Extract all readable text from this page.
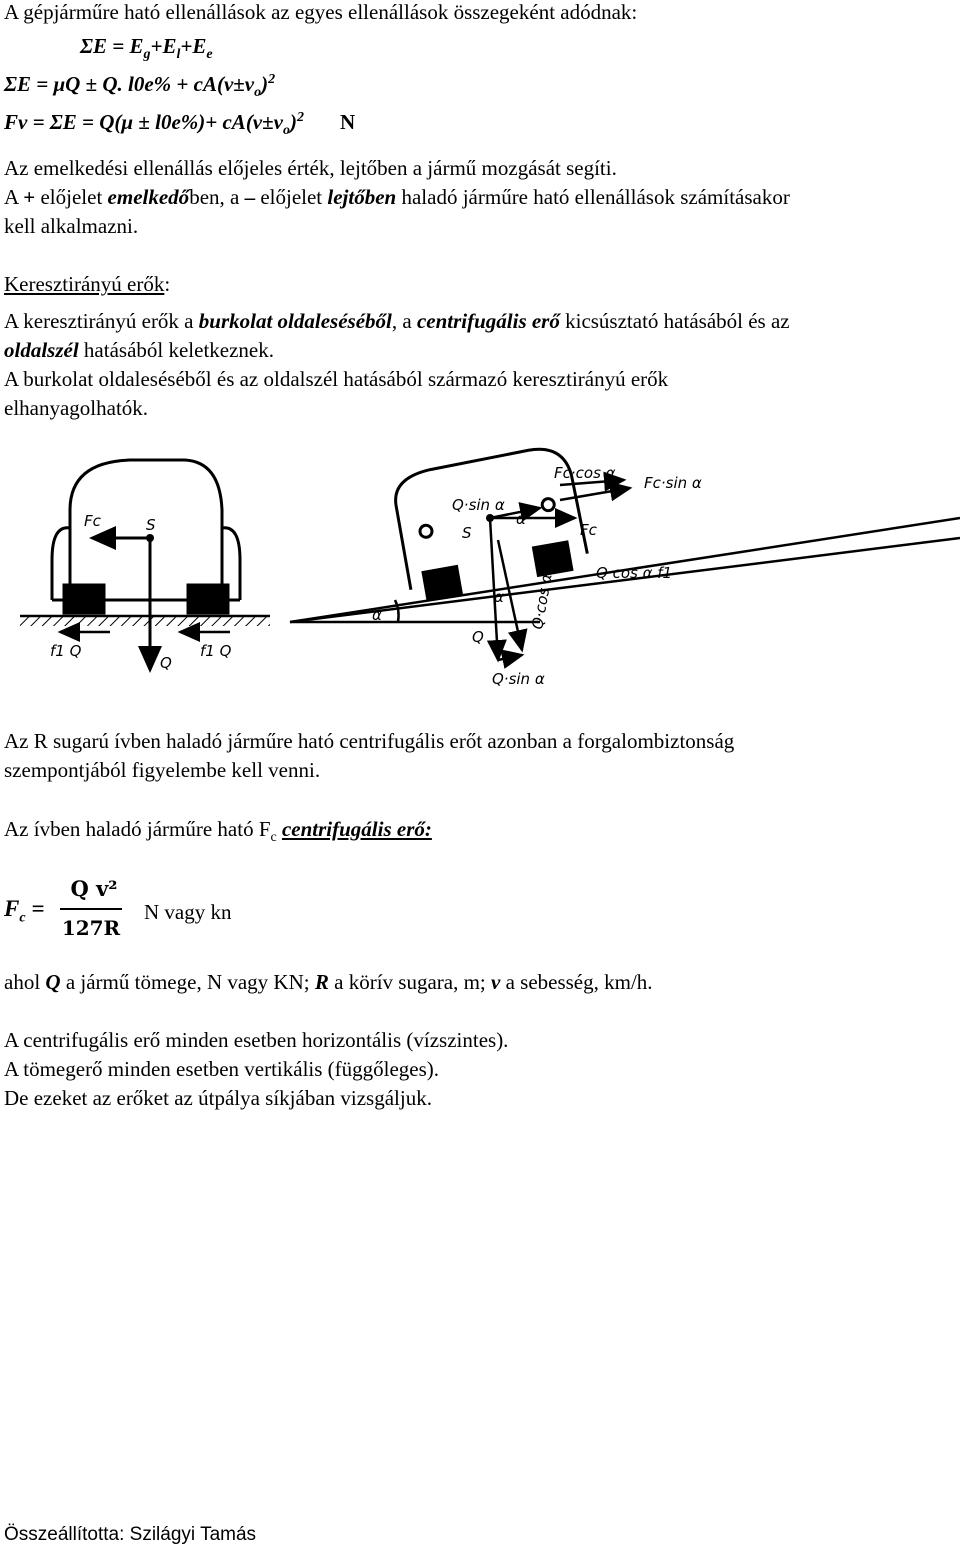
A gépjárműre ható ellenállások az egyes ellenállások összegeként adódnak:
$\Sigma E = E_g+E_l+E_e$
ΣE = μQ ± Q. $l0e\% + cA(v\pm v_o)^2$
$Fv = \Sigma E = Q(\mu \pm l0e\%)+ cA(v\pm v_o)^2$ N
Az emelkedési ellenállás előjeles érték, lejtőben a jármű mozgását segíti.
A + előjelet emelkedőben, a – előjelet lejtőben haladó járműre ható ellenállások számításakor
kell alkalmazni.
Keresztirányú erők:
A keresztirányú erők a burkolat oldaleséséből, a centrifugális erő kicsúsztató hatásából és az
oldalszél hatásából keletkeznek.
A burkolat oldaleséséből és az oldalszél hatásából származó keresztirányú erők
elhanyagolhatók.
Fc	S
f1 Q
Q
f1 Q
Fc·cos α
Fc·sin α
Q·sin α
S
α
Fc
Q·cos α f1
α
α Q·cos α
Q
Q·sin α
Az R sugarú ívben haladó járműre ható centrifugális erőt azonban a forgalombiztonság
szempontjából figyelembe kell venni.
Az ívben haladó járműre ható $F_c$ centrifugális erő:
$F_c$ =
Q v²
127R
N vagy kn
ahol Q a jármű tömege, N vagy KN; R a körív sugara, m; v a sebesség, km/h.
A centrifugális erő minden esetben horizontális (vízszintes).
A tömegerő minden esetben vertikális (függőleges).
De ezeket az erőket az útpálya síkjában vizsgáljuk.
Összeállította: Szilágyi Tamás
